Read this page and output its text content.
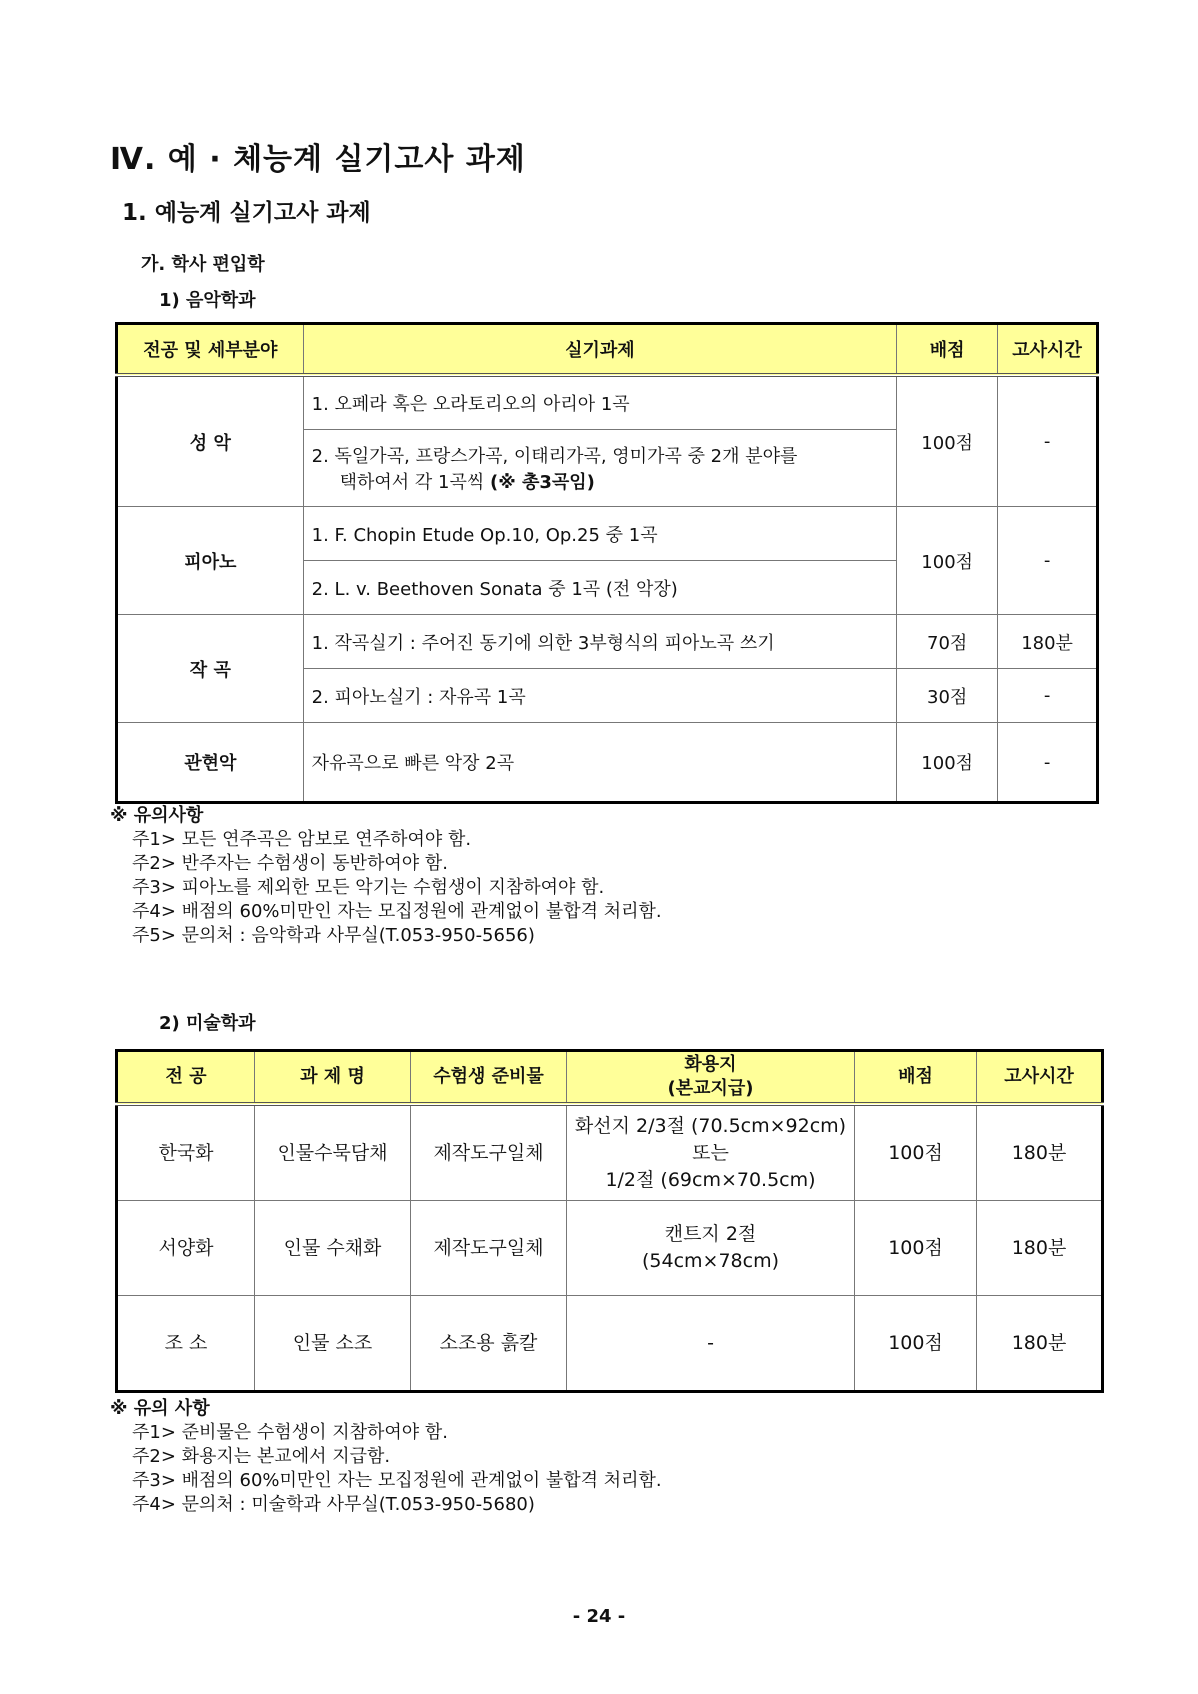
Ⅳ. 예 · 체능계 실기고사 과제
1. 예능계 실기고사 과제
가. 학사 편입학
1) 음악학과
전공 및 세부분야	실기과제	배점	고사시간
성 악	1. 오페라 혹은 오라토리오의 아리아 1곡	100점	-
	2. 독일가곡, 프랑스가곡, 이태리가곡, 영미가곡 중 2개 분야를
택하여서 각 1곡씩 (※ 총3곡임)		

피아노	1. F. Chopin Etude Op.10, Op.25 중 1곡	100점	-
	2. L. v. Beethoven Sonata 중 1곡 (전 악장)		
작 곡	1. 작곡실기 : 주어진 동기에 의한 3부형식의 피아노곡 쓰기	70점	180분
	2. 피아노실기 : 자유곡 1곡	30점	-
관현악	자유곡으로 빠른 악장 2곡	100점	-
※ 유의사항
주1> 모든 연주곡은 암보로 연주하여야 함.
주2> 반주자는 수험생이 동반하여야 함.
주3> 피아노를 제외한 모든 악기는 수험생이 지참하여야 함.
주4> 배점의 60%미만인 자는 모집정원에 관계없이 불합격 처리함.
주5> 문의처 : 음악학과 사무실(T.053-950-5656)
2) 미술학과
전 공	과 제 명	수험생 준비물	화용지
(본교지급)	배점	고사시간
한국화	인물수묵담채	제작도구일체	화선지 2/3절 (70.5cm×92cm)
또는
1/2절 (69cm×70.5cm)	100점	180분
서양화	인물 수채화	제작도구일체	캔트지 2절
(54cm×78cm)	100점	180분
조 소	인물 소조	소조용 흙칼	-	100점	180분
※ 유의 사항
주1> 준비물은 수험생이 지참하여야 함.
주2> 화용지는 본교에서 지급함.
주3> 배점의 60%미만인 자는 모집정원에 관계없이 불합격 처리함.
주4> 문의처 : 미술학과 사무실(T.053-950-5680)
- 24 -
